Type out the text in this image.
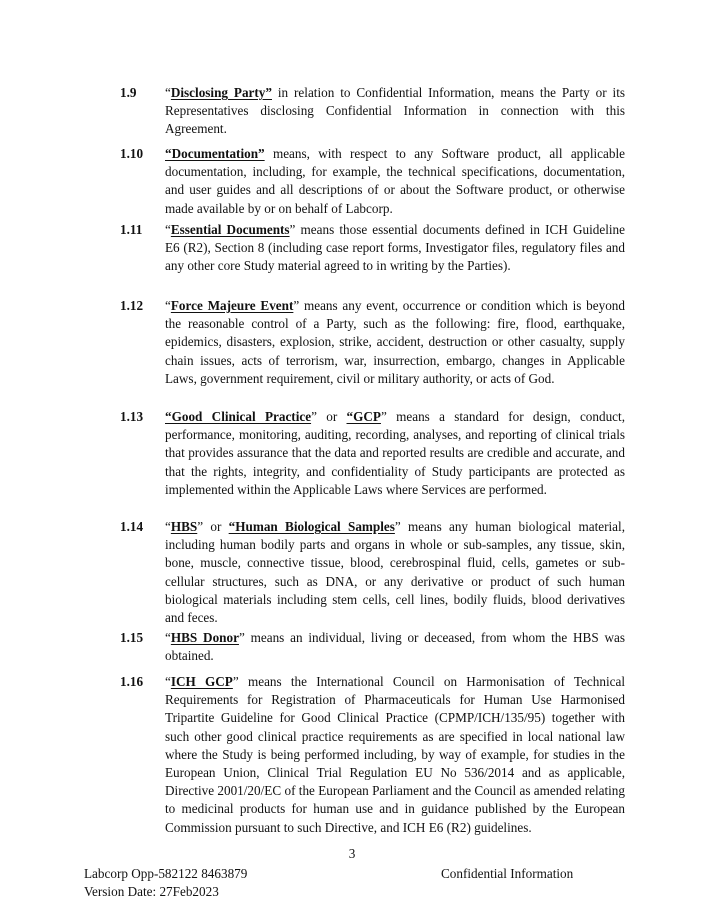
1.9	“Disclosing Party” in relation to Confidential Information, means the Party or its Representatives disclosing Confidential Information in connection with this Agreement.
1.10	“Documentation” means, with respect to any Software product, all applicable documentation, including, for example, the technical specifications, documentation, and user guides and all descriptions of or about the Software product, or otherwise made available by or on behalf of Labcorp.
1.11	“Essential Documents” means those essential documents defined in ICH Guideline E6 (R2), Section 8 (including case report forms, Investigator files, regulatory files and any other core Study material agreed to in writing by the Parties).
1.12	“Force Majeure Event” means any event, occurrence or condition which is beyond the reasonable control of a Party, such as the following: fire, flood, earthquake, epidemics, disasters, explosion, strike, accident, destruction or other casualty, supply chain issues, acts of terrorism, war, insurrection, embargo, changes in Applicable Laws, government requirement, civil or military authority, or acts of God.
1.13	“Good Clinical Practice” or “GCP” means a standard for design, conduct, performance, monitoring, auditing, recording, analyses, and reporting of clinical trials that provides assurance that the data and reported results are credible and accurate, and that the rights, integrity, and confidentiality of Study participants are protected as implemented within the Applicable Laws where Services are performed.
1.14	“HBS” or “Human Biological Samples” means any human biological material, including human bodily parts and organs in whole or sub-samples, any tissue, skin, bone, muscle, connective tissue, blood, cerebrospinal fluid, cells, gametes or sub-cellular structures, such as DNA, or any derivative or product of such human biological materials including stem cells, cell lines, bodily fluids, blood derivatives and feces.
1.15	“HBS Donor” means an individual, living or deceased, from whom the HBS was obtained.
1.16	“ICH GCP” means the International Council on Harmonisation of Technical Requirements for Registration of Pharmaceuticals for Human Use Harmonised Tripartite Guideline for Good Clinical Practice (CPMP/ICH/135/95) together with such other good clinical practice requirements as are specified in local national law where the Study is being performed including, by way of example, for studies in the European Union, Clinical Trial Regulation EU No 536/2014 and as applicable, Directive 2001/20/EC of the European Parliament and the Council as amended relating to medicinal products for human use and in guidance published by the European Commission pursuant to such Directive, and ICH E6 (R2) guidelines.
3
Labcorp Opp-582122 8463879
Version Date: 27Feb2023
Confidential Information
